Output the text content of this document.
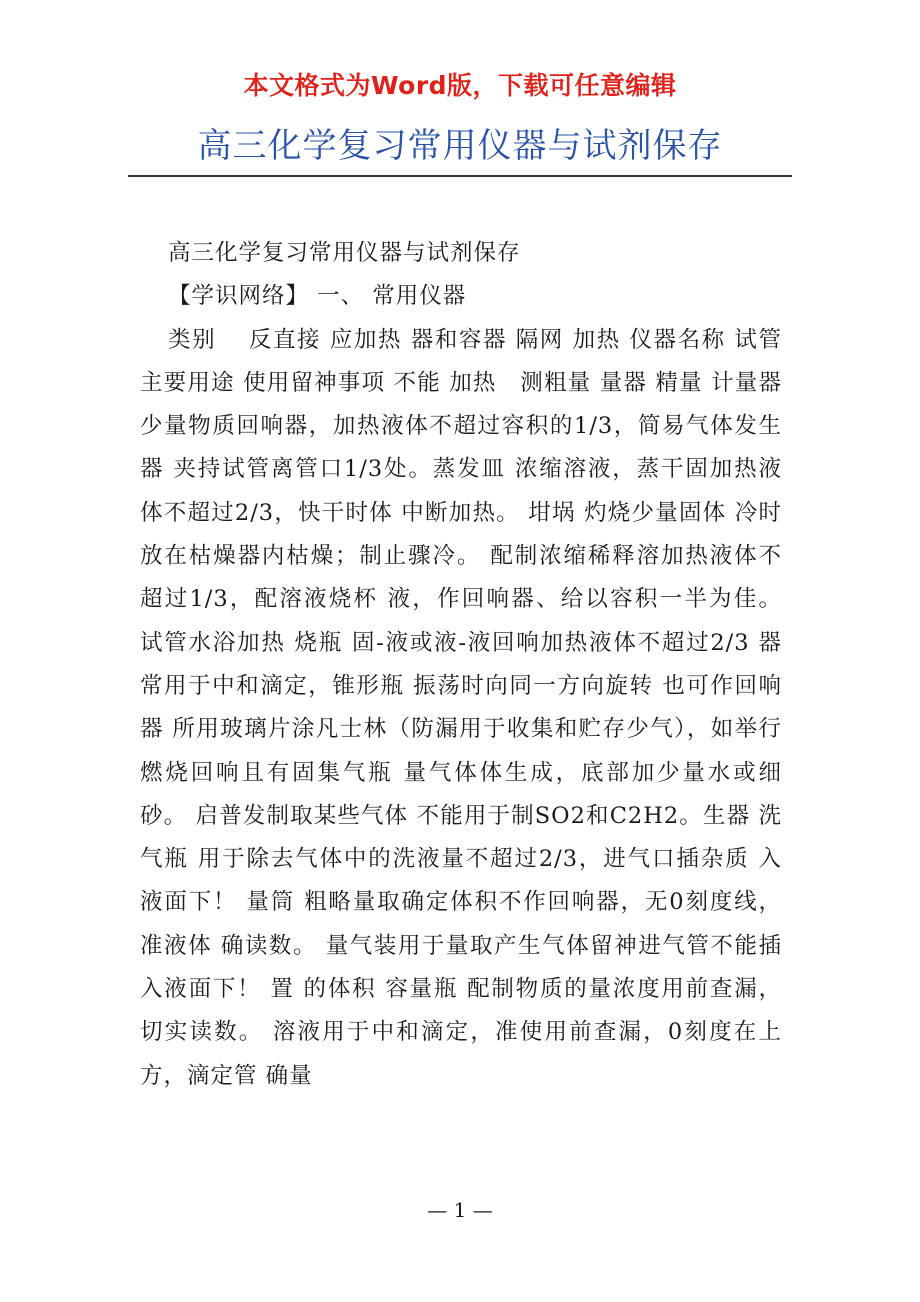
本文格式为Word版，下载可任意编辑
高三化学复习常用仪器与试剂保存

高三化学复习常用仪器与试剂保存

【学识网络】 一、 常用仪器

类别　 反直接 应加热 器和容器 隔网 加热 仪器名称 试管 主要用途 使用留神事项 不能 加热　测粗量 量器 精量 计量器 少量物质回响器，加热液体不超过容积的1/3，简易气体发生器 夹持试管离管口1/3处。蒸发皿 浓缩溶液，蒸干固加热液体不超过2/3，快干时体 中断加热。 坩埚 灼烧少量固体 冷时放在枯燥器内枯燥；制止骤冷。 配制浓缩稀释溶加热液体不超过1/3，配溶液烧杯 液，作回响器、给以容积一半为佳。 试管水浴加热 烧瓶 固-液或液-液回响加热液体不超过2/3 器 常用于中和滴定，锥形瓶 振荡时向同一方向旋转 也可作回响器 所用玻璃片涂凡士林（防漏用于收集和贮存少气），如举行燃烧回响且有固集气瓶 量气体体生成，底部加少量水或细砂。 启普发制取某些气体 不能用于制SO2和C2H2。生器 洗气瓶 用于除去气体中的洗液量不超过2/3，进气口插杂质 入液面下！ 量筒 粗略量取确定体积不作回响器，无0刻度线，准液体 确读数。 量气装用于量取产生气体留神进气管不能插入液面下！ 置 的体积 容量瓶 配制物质的量浓度用前查漏，切实读数。 溶液用于中和滴定，准使用前查漏，0刻度在上方，滴定管 确量

— 1 —
